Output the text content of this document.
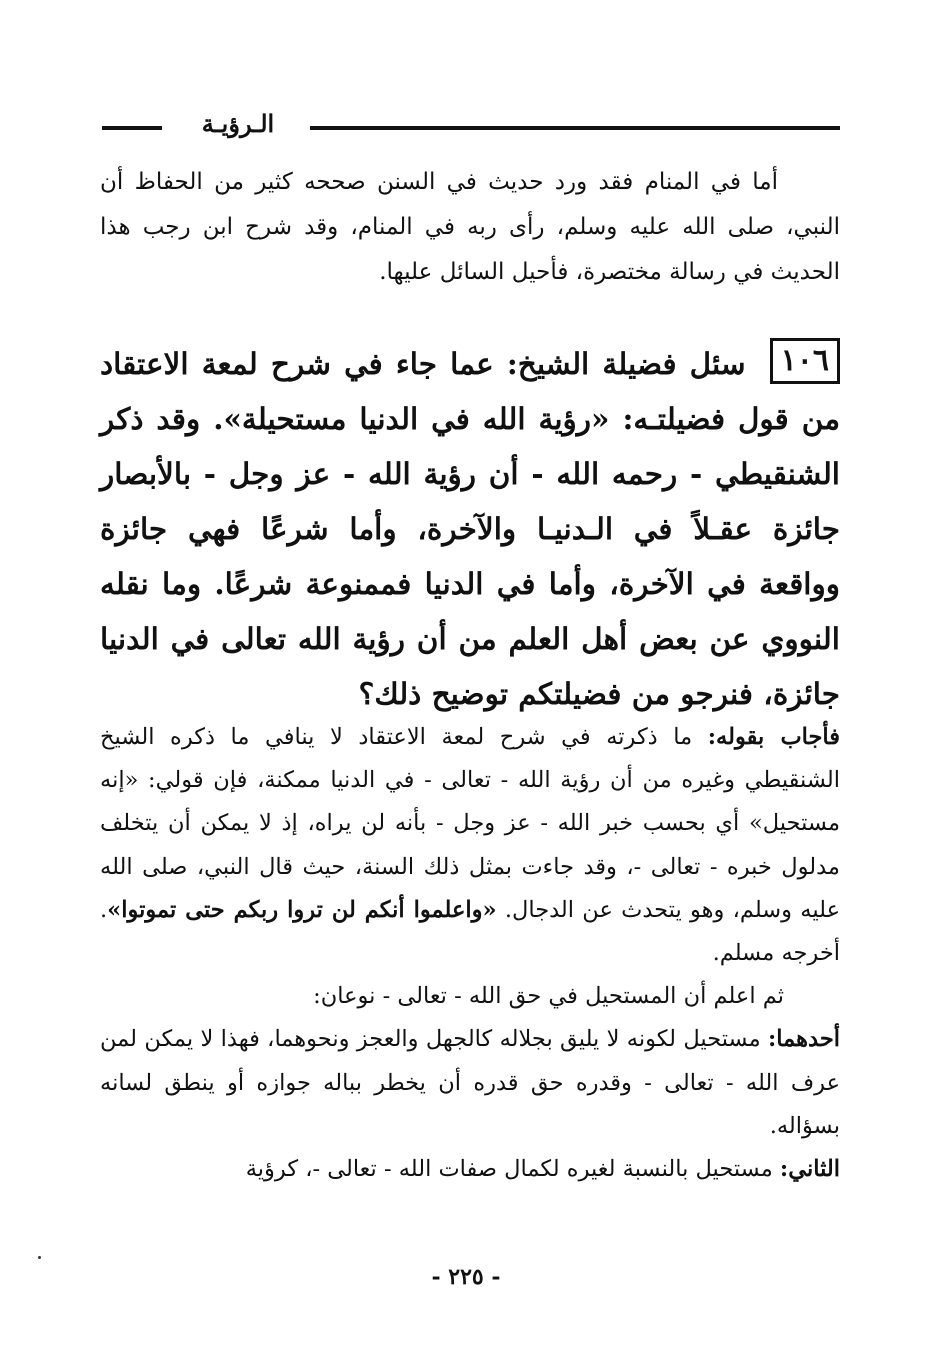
الـرؤيـة

أما في المنام فقد ورد حديث في السنن صححه كثير من الحفاظ أن النبي، صلى الله عليه وسلم، رأى ربه في المنام، وقد شرح ابن رجب هذا الحديث في رسالة مختصرة، فأحيل السائل عليها.

١٠٦سئل فضيلة الشيخ: عما جاء في شرح لمعة الاعتقاد من قول فضيلتـه: «رؤية الله في الدنيا مستحيلة». وقد ذكر الشنقيطي - رحمه الله - أن رؤية الله - عز وجل - بالأبصار جائزة عقـلاً في الـدنيـا والآخرة، وأما شرعًا فهي جائزة وواقعة في الآخرة، وأما في الدنيا فممنوعة شرعًا. وما نقله النووي عن بعض أهل العلم من أن رؤية الله تعالى في الدنيا جائزة، فنرجو من فضيلتكم توضيح ذلك؟

فأجاب بقوله: ما ذكرته في شرح لمعة الاعتقاد لا ينافي ما ذكره الشيخ الشنقيطي وغيره من أن رؤية الله - تعالى - في الدنيا ممكنة، فإن قولي: «إنه مستحيل» أي بحسب خبر الله - عز وجل - بأنه لن يراه، إذ لا يمكن أن يتخلف مدلول خبره - تعالى -، وقد جاءت بمثل ذلك السنة، حيث قال النبي، صلى الله عليه وسلم، وهو يتحدث عن الدجال. «واعلموا أنكم لن تروا ربكم حتى تموتوا». أخرجه مسلم.

ثم اعلم أن المستحيل في حق الله - تعالى - نوعان:

أحدهما: مستحيل لكونه لا يليق بجلاله كالجهل والعجز ونحوهما، فهذا لا يمكن لمن عرف الله - تعالى - وقدره حق قدره أن يخطر بباله جوازه أو ينطق لسانه بسؤاله.

الثاني: مستحيل بالنسبة لغيره لكمال صفات الله - تعالى -، كرؤية

- ٢٢٥ -
